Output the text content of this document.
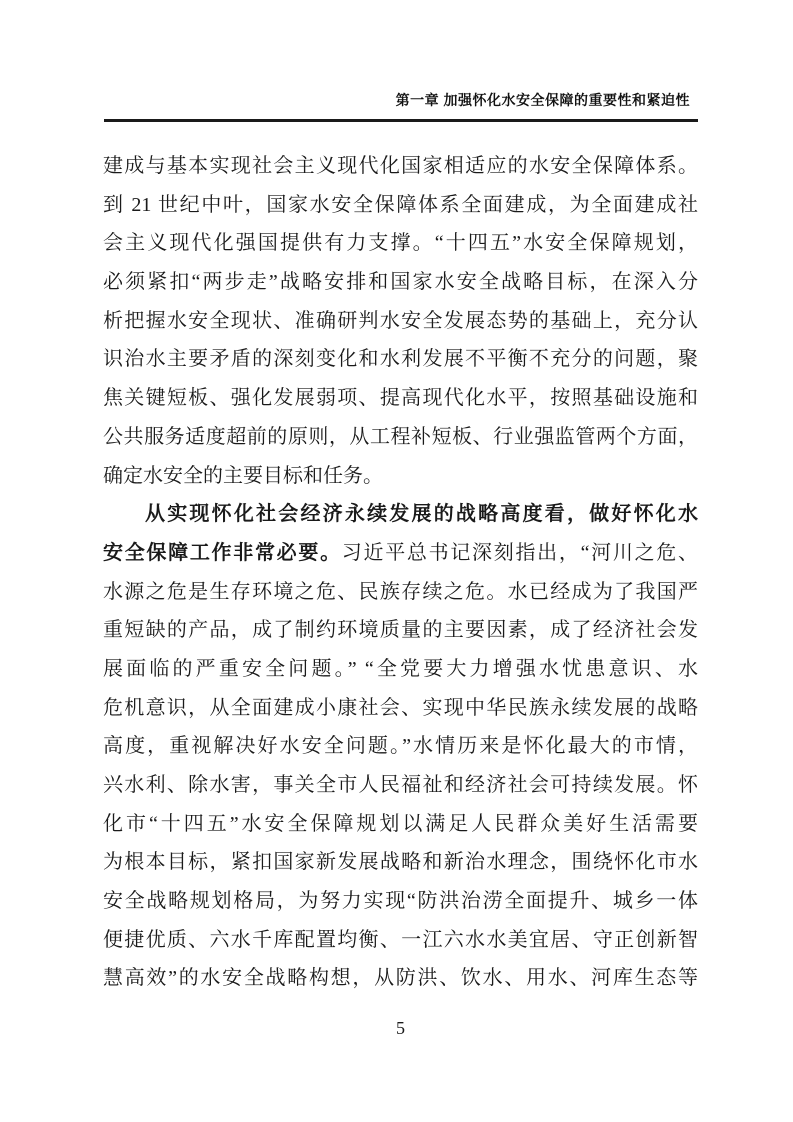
第一章 加强怀化水安全保障的重要性和紧迫性
建成与基本实现社会主义现代化国家相适应的水安全保障体系。
到 21 世纪中叶，国家水安全保障体系全面建成，为全面建成社
会主义现代化强国提供有力支撑。“十四五”水安全保障规划，
必须紧扣“两步走”战略安排和国家水安全战略目标，在深入分
析把握水安全现状、准确研判水安全发展态势的基础上，充分认
识治水主要矛盾的深刻变化和水利发展不平衡不充分的问题，聚
焦关键短板、强化发展弱项、提高现代化水平，按照基础设施和
公共服务适度超前的原则，从工程补短板、行业强监管两个方面，
确定水安全的主要目标和任务。
从实现怀化社会经济永续发展的战略高度看，做好怀化水
安全保障工作非常必要。习近平总书记深刻指出，“河川之危、
水源之危是生存环境之危、民族存续之危。水已经成为了我国严
重短缺的产品，成了制约环境质量的主要因素，成了经济社会发
展面临的严重安全问题。” “全党要大力增强水忧患意识、水
危机意识，从全面建成小康社会、实现中华民族永续发展的战略
高度，重视解决好水安全问题。”水情历来是怀化最大的市情，
兴水利、除水害，事关全市人民福祉和经济社会可持续发展。怀
化市“十四五”水安全保障规划以满足人民群众美好生活需要
为根本目标，紧扣国家新发展战略和新治水理念，围绕怀化市水
安全战略规划格局，为努力实现“防洪治涝全面提升、城乡一体
便捷优质、六水千库配置均衡、一江六水水美宜居、守正创新智
慧高效”的水安全战略构想，从防洪、饮水、用水、河库生态等
5
